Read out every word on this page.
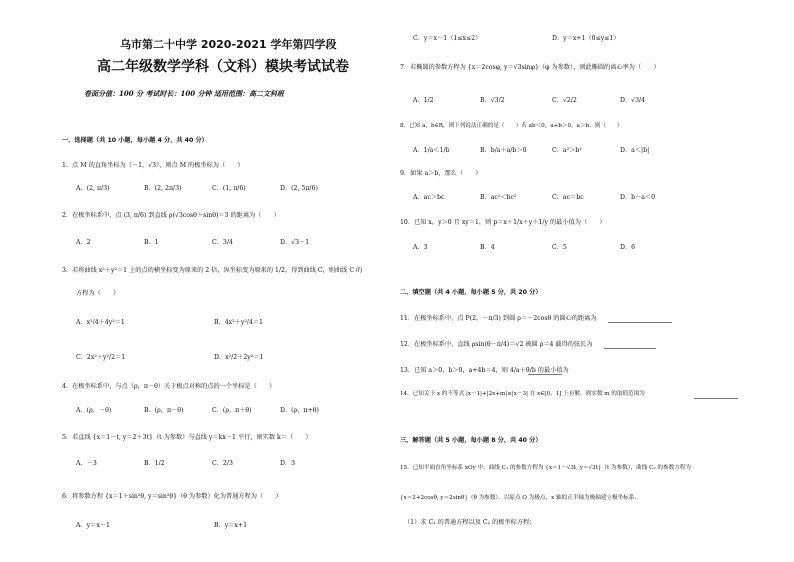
乌市第二十中学 2020-2021 学年第四学段
高二年级数学学科（文科）模块考试试卷
卷面分值：100 分 考试时长：100 分钟 适用范围：高二文科班
一、选择题（共 10 小题，每小题 4 分，共 40 分）
1．点 M 的直角坐标为（－1，√3），则点 M 的极坐标为（　　）
A．(2, π/3)	B．(2, 2π/3)	C．(1, π/6)	D．(2, 5π/6)
2．在极坐标系中，点 (3, π/6) 到直线 ρ(√3cosθ＋sinθ)＝3 的距离为（　　）
A．2	B．1	C．3/4	D．√3－1
3．若将曲线 x²＋y²＝1 上的点的横坐标变为原来的 2 倍，纵坐标变为原来的 1/2，得到曲线 C，则曲线 C 的
方程为（　　）
A．x²/4＋4y²＝1	B．4x²＋y²/4＝1
C．2x²＋y²/2＝1	D．x²/2＋2y²＝1
4．在极坐标系中，与点（ρ，π－θ）关于极点对称的点的一个坐标是（　　）
A．(ρ，－θ)	B．(ρ，π－θ)	C．(ρ，π＋θ)	D．(ρ，π+θ)
5．若直线 {x＝1－t, y＝2＋3t}（t 为参数）与直线 y＝kx－1 平行，则实数 k＝（　　）
A．－3	B．1/2	C．2/3	D．3
6．将参数方程 {x＝1＋sin²θ, y＝sin²θ}（θ 为参数）化为普通方程为（　　）
A．y＝x－1	B．y＝x+1
C．y＝x－1（1≤x≤2）	D．y＝x+1（0≤y≤1）
7．若椭圆的参数方程为 {x＝2cosφ, y＝√3sinφ}（φ 为参数），则此椭圆的离心率为（　　）
A．1/2	B．√3/2	C．√2/2	D．√3/4
8．已知 a，b∈R，则下列说法正确的是（　　）若 ab＜0，a+b＞0，a＞b，则（　　）
A．1/a＜1/b	B．b/a＋a/b＞0	C．a²＞b²	D．a＜|b|
9．如果 a＞b，那么（　　）
A．ac＞bc	B．ac²＜bc²	C．ac＝bc	D．b－a＜0
10．已知 x，y＞0 且 xy＝1，则 p＝x＋1/x＋y＋1/y 的最小值为（　　）
A．3	B．4	C．5	D．6
二、填空题（共 4 小题，每小题 5 分，共 20 分）
11．在极坐标系中，点 P(2，－π/3) 到圆 ρ＝－2cosθ 的圆心的距离为
12．在极坐标系中，直线 ρsin(θ－π/4)＝√2 被圆 ρ＝4 截得的弦长为
13．已知 a＞0，b＞0，a+4b＝4，则 4/a＋9/b 的最小值为
14．已知关于 x 的不等式 |x－1|+|2x+m|≤|x－3| 在 x∈[0，1] 上有解，则实数 m 的取值范围为
三、解答题（共 5 小题，每小题 8 分，共 40 分）
15．已知平面直角坐标系 xOy 中，曲线 C₁ 的参数方程为 {x＝1－√3t, y＝√3t}（t 为参数），曲线 C₂ 的参数方程为
{x＝2+2cosθ, y＝2sinθ}（θ 为参数）．以原点 O 为极点，x 轴的正半轴为极轴建立极坐标系．
（1）求 C₁ 的普通方程以及 C₂ 的极坐标方程；
